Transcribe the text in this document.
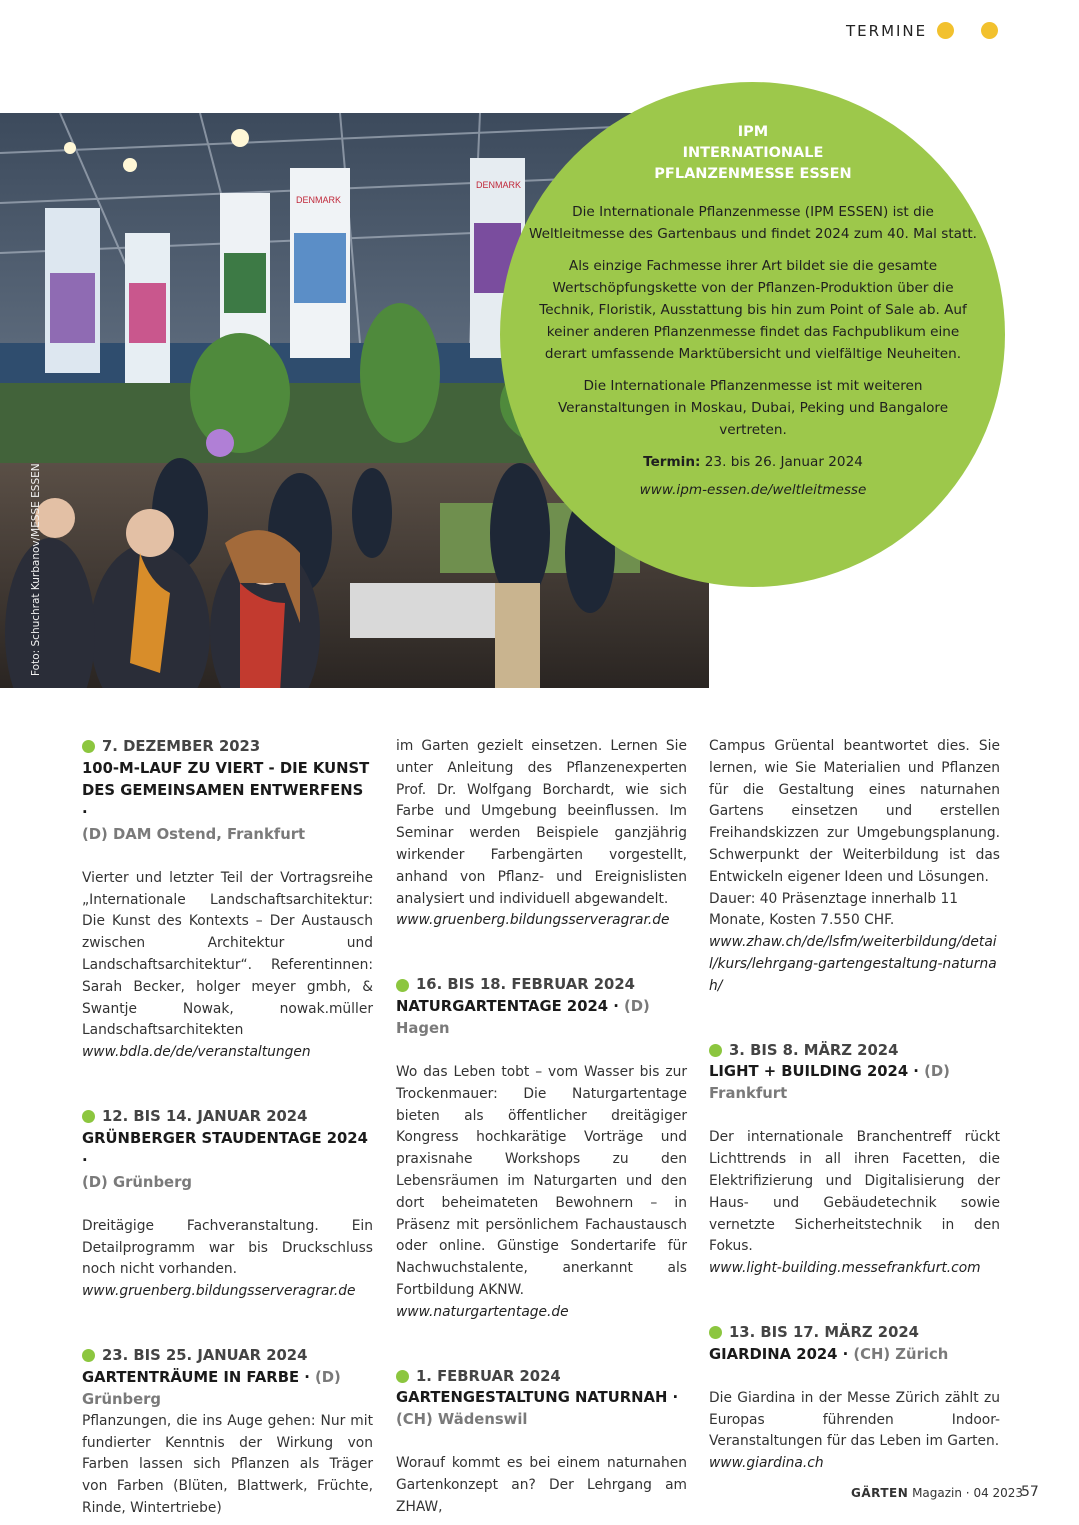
TERMINE
DENMARK
DENMARK
Foto: Schuchrat Kurbanov/MESSE ESSEN
IPM
INTERNATIONALE
PFLANZENMESSE ESSEN

Die Internationale Pflanzenmesse (IPM ESSEN) ist die Weltleitmesse des Gartenbaus und findet 2024 zum 40. Mal statt.

Als einzige Fachmesse ihrer Art bildet sie die gesamte Wertschöpfungskette von der Pflanzen-Produktion über die Technik, Floristik, Ausstattung bis hin zum Point of Sale ab. Auf keiner anderen Pflanzenmesse findet das Fachpublikum eine derart umfassende Marktübersicht und vielfältige Neuheiten.

Die Internationale Pflanzenmesse ist mit weiteren Veranstaltungen in Moskau, Dubai, Peking und Bangalore vertreten.

Termin: 23. bis 26. Januar 2024

www.ipm-essen.de/weltleitmesse

7. DEZEMBER 2023
100-M-LAUF ZU VIERT - DIE KUNST DES GEMEINSAMEN ENTWERFENS ·
(D) DAM Ostend, Frankfurt
Vierter und letzter Teil der Vortragsreihe „Internationale Landschaftsarchitektur: Die Kunst des Kontexts – Der Austausch zwischen Architektur und Landschaftsarchitektur“. Referentinnen: Sarah Becker, holger meyer gmbh, & Swantje Nowak, nowak.müller Landschaftsarchitekten
www.bdla.de/de/veranstaltungen
12. BIS 14. JANUAR 2024
GRÜNBERGER STAUDENTAGE 2024 ·
(D) Grünberg
Dreitägige Fachveranstaltung. Ein Detailprogramm war bis Druckschluss noch nicht vorhanden.
www.gruenberg.bildungsserveragrar.de
23. BIS 25. JANUAR 2024
GARTENTRÄUME IN FARBE · (D)
Grünberg
Pflanzungen, die ins Auge gehen: Nur mit fundierter Kenntnis der Wirkung von Farben lassen sich Pflanzen als Träger von Farben (Blüten, Blattwerk, Früchte, Rinde, Wintertriebe)
im Garten gezielt einsetzen. Lernen Sie unter Anleitung des Pflanzenexperten Prof. Dr. Wolfgang Borchardt, wie sich Farbe und Umgebung beeinflussen. Im Seminar werden Beispiele ganzjährig wirkender Farbengärten vorgestellt, anhand von Pflanz- und Ereignislisten analysiert und individuell abgewandelt.
www.gruenberg.bildungsserveragrar.de
16. BIS 18. FEBRUAR 2024
NATURGARTENTAGE 2024 · (D)
Hagen
Wo das Leben tobt – vom Wasser bis zur Trockenmauer: Die Naturgartentage bieten als öffentlicher dreitägiger Kongress hochkarätige Vorträge und praxisnahe Workshops zu den Lebensräumen im Naturgarten und den dort beheimateten Bewohnern – in Präsenz mit persönlichem Fachaustausch oder online. Günstige Sondertarife für Nachwuchstalente, anerkannt als Fortbildung AKNW.
www.naturgartentage.de
1. FEBRUAR 2024
GARTENGESTALTUNG NATURNAH ·
(CH) Wädenswil
Worauf kommt es bei einem naturnahen Gartenkonzept an? Der Lehrgang am ZHAW,
Campus Grüental beantwortet dies. Sie lernen, wie Sie Materialien und Pflanzen für die Gestaltung eines naturnahen Gartens einsetzen und erstellen Freihandskizzen zur Umgebungsplanung. Schwerpunkt der Weiterbildung ist das Entwickeln eigener Ideen und Lösungen.
Dauer: 40 Präsenztage innerhalb 11 Monate, Kosten 7.550 CHF.
www.zhaw.ch/de/lsfm/weiterbildung/detail/kurs/lehrgang-gartengestaltung-naturnah/
3. BIS 8. MÄRZ 2024
LIGHT + BUILDING 2024 · (D)
Frankfurt
Der internationale Branchentreff rückt Lichttrends in all ihren Facetten, die Elektrifizierung und Digitalisierung der Haus- und Gebäudetechnik sowie vernetzte Sicherheitstechnik in den Fokus.
www.light-building.messefrankfurt.com
13. BIS 17. MÄRZ 2024
GIARDINA 2024 · (CH) Zürich
Die Giardina in der Messe Zürich zählt zu Europas führenden Indoor-Veranstaltungen für das Leben im Garten.
www.giardina.ch
GÄRTEN Magazin · 04 2023
57
